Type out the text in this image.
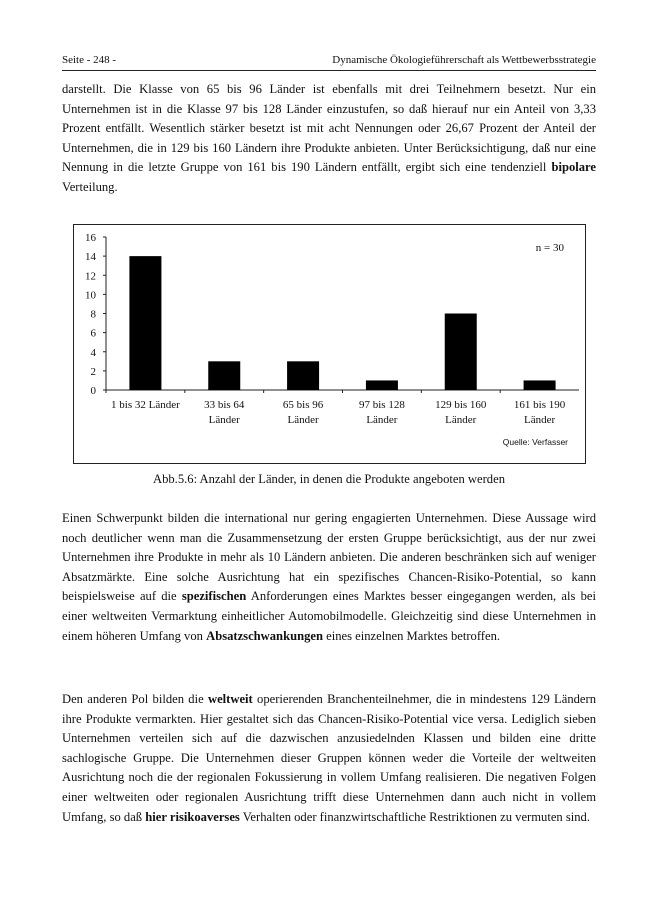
Seite - 248 -	Dynamische Ökologieführerschaft als Wettbewerbsstrategie
darstellt. Die Klasse von 65 bis 96 Länder ist ebenfalls mit drei Teilnehmern besetzt. Nur ein Unternehmen ist in die Klasse 97 bis 128 Länder einzustufen, so daß hierauf nur ein Anteil von 3,33 Prozent entfällt. Wesentlich stärker besetzt ist mit acht Nennungen oder 26,67 Prozent der Anteil der Unternehmen, die in 129 bis 160 Ländern ihre Produkte anbieten. Unter Berücksichtigung, daß nur eine Nennung in die letzte Gruppe von 161 bis 190 Ländern entfällt, ergibt sich eine tendenziell bipolare Verteilung.
0
2
4
6
8
10
12
14
16
1 bis 32 Länder 33 bis 64
Länder
65 bis 96
Länder
97 bis 128
Länder
129 bis 160
Länder
161 bis 190
Länder
n = 30
Quelle: Verfasser
Abb.5.6: Anzahl der Länder, in denen die Produkte angeboten werden
Einen Schwerpunkt bilden die international nur gering engagierten Unternehmen. Diese Aussage wird noch deutlicher wenn man die Zusammensetzung der ersten Gruppe berücksichtigt, aus der nur zwei Unternehmen ihre Produkte in mehr als 10 Ländern anbieten. Die anderen beschränken sich auf weniger Absatzmärkte. Eine solche Ausrichtung hat ein spezifisches Chancen-Risiko-Potential, so kann beispielsweise auf die spezifischen Anforderungen eines Marktes besser eingegangen werden, als bei einer weltweiten Vermarktung einheitlicher Automobilmodelle. Gleichzeitig sind diese Unternehmen in einem höheren Umfang von Absatzschwankungen eines einzelnen Marktes betroffen.
Den anderen Pol bilden die weltweit operierenden Branchenteilnehmer, die in mindestens 129 Ländern ihre Produkte vermarkten. Hier gestaltet sich das Chancen-Risiko-Potential vice versa. Lediglich sieben Unternehmen verteilen sich auf die dazwischen anzusiedelnden Klassen und bilden eine dritte sachlogische Gruppe. Die Unternehmen dieser Gruppen können weder die Vorteile der weltweiten Ausrichtung noch die der regionalen Fokussierung in vollem Umfang realisieren. Die negativen Folgen einer weltweiten oder regionalen Ausrichtung trifft diese Unternehmen dann auch nicht in vollem Umfang, so daß hier risikoaverses Verhalten oder finanzwirtschaftliche Restriktionen zu vermuten sind.
